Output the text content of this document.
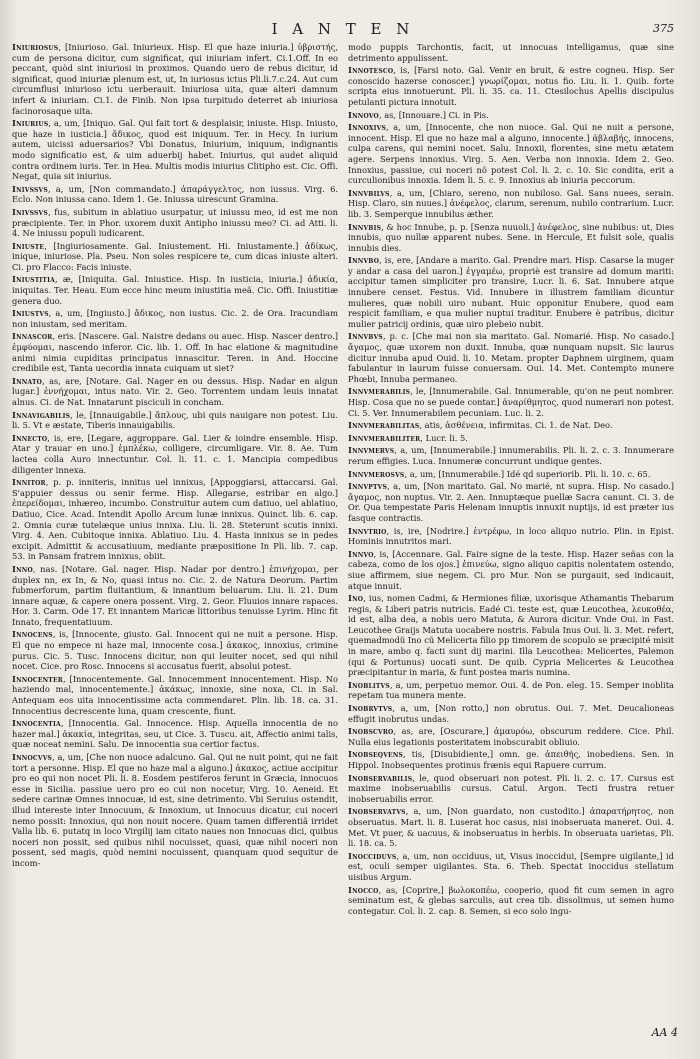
I A N T E N	375

Iniuriosus, [Iniurioso. Gal. Iniurieux. Hisp. El que haze iniuria.] ὑβριστής, cum de persona dicitur, cum significat, qui iniuriam infert. Ci.1.Off. In eo peccant, quòd sint iniuriosi in proximos. Quando uero de rebus dicitur, id significat, quod iniuriæ plenum est, ut, In iuriosus ictus Pli.li.7.c.24. Aut cum circumflusi iniurioso ictu uerberauit. Iniuriosa uita, quæ alteri damnum infert & iniuriam. Ci.1. de Finib. Non ipsa turpitudo deterret ab iniuriosa facinorosaque uita.

Iniurius, a, um, [Iniquo. Gal. Qui fait tort & desplaisir, iniuste. Hisp. Iniusto, que haze in iusticia.] ἄδικος, quod est iniquum. Ter. in Hecy. In iurium autem, uicissi aduersarios? Vbi Donatus, Iniurium, iniquum, indignantis modo significatio est, & uim aduerbij habet. Iniurius, qui audet aliquid contra ordinem iuris. Ter. in Hea. Multis modis iniurius Clitipho est. Cic. Offi. Negat, quia sit iniurius.

Inivssvs, a, um, [Non commandato.] ἀπαράγγελτος, non iussus. Virg. 6. Eclo. Non iniussa cano. Idem 1. Ge. Iniussa uirescunt Gramina.

Inivssvs, fus, subitum in ablatiuo usurpatur, ut iniussu meo, id est me non præcipiente. Ter. in Phor. uxorem duxit Antipho iniussu meo? Ci. ad Atti. li. 4. Ne iniussu populi iudicarent.

Iniuste, [Ingiuriosamente. Gal. Iniustement. Hi. Iniustamente.] ἀδίκως, inique, iniuriose. Pla. Pseu. Non soles respicere te, cum dicas iniuste alteri. Ci. pro Flacco: Facis iniuste.

Iniustitia, æ, [Iniquita. Gal. Iniustice. Hisp. In iusticia, iniuria.] ἀδικία, iniquitas. Ter. Heau. Eum ecce hinc meum iniustitia meã. Cic. Offi. Iniustitiæ genera duo.

Iniustvs, a, um, [Ingiusto.] ἄδικος, non iustus. Cic. 2. de Ora. Iracundiam non iniustam, sed meritam.

Innascor, eris. [Nascere. Gal. Naistre dedans ou auec. Hisp. Nascer dentro.] ἐμφύομαι, nascendo inferor. Cic. lib. 1. Off. In hac elatione & magnitudine animi nimia cupiditas principatus innascitur. Teren. in And. Hoccine credibile est, Tanta uecordia innata cuiquam ut siet?

Innato, as, are, [Notare. Gal. Nager en ou dessus. Hisp. Nadar en algun lugar.] ἐννήχομαι, intus nato. Vir. 2. Geo. Torrentem undam leuis innatat alnus. Ci. de Nat. Innatarunt pisciculi in concham.

Innavigabilis, le, [Innauigabile.] ἄπλους, ubi quis nauigare non potest. Liu. li. 5. Vt e æstate, Tiberis innauigabilis.

Innecto, is, ere, [Legare, aggroppare. Gal. Lier & ioindre ensemble. Hisp. Atar y trauar en uno.] ἐμπλέκω, colligere, circumligare. Vir. 8. Ae. Tum lactea colla Auro innectuntur. Col. li. 11. c. 1. Mancipia compedibus diligenter innexa.

Innitor, p. p. inniteris, innitus uel innixus, [Appoggiarsi, attaccarsi. Gal. S'appuier dessus ou senir ferme. Hisp. Allegarse, estribar en algo.] ἐπερείδομαι, inhæreo, incumbo. Construitur autem cum datiuo, uel ablatiuo, Datiuo, Cice. Acad. Intendit Apollo Arcum lunæ innixus. Quinct. lib. 6. cap. 2. Omnia curæ tutelæque unius innixa. Liu. li. 28. Steterunt scutis innixi. Virg. 4. Aen. Cubitoque innixa. Ablatiuo. Liu. 4. Hasta innixus se in pedes excipit. Admittit & accusatiuum, mediante præpositione In Pli. lib. 7. cap. 53. in Pansam fratrem innixus, obiit.

Inno, nas. [Notare. Gal. nager. Hisp. Nadar por dentro.] ἐπινήχομαι, per duplex nn, ex In, & No, quasi intus no. Cic. 2. de Natura Deorum. Partim fubmerforum, partim fluitantium, & innantium beluarum. Liu. li. 21. Dum innare aquæ, & capere onera possent. Virg. 2. Geor. Fluuios innare rapaces. Hor. 3. Carm. Ode 17. Et innantem Maricæ littoribus tenuisse Lyrim. Hinc fit Innato, frequentatiuum.

Innocens, is, [Innocente, giusto. Gal. Innocent qui ne nuit a persone. Hisp. El que no empece ni haze mal, innocente cosa.] ἀκακος, innoxius, crimine purus. Cic. 5. Tusc. Innocens dicitur, non qui leuiter nocet, sed qui nihil nocet. Cice. pro Rosc. Innocens si accusatus fuerit, absolui potest.

Innocenter, [Innocentemente. Gal. Innocemment innocentement. Hisp. No haziendo mal, innocentemente.] ἀκάκως, innoxie, sine noxa, Ci. in Sal. Antequam eos uita innocentissime acta commendaret. Plin. lib. 18. ca. 31. Innocentius decrescente luna, quam crescente, fiunt.

Innocentia, [Innocentia. Gal. Innocence. Hisp. Aquella innocentia de no hazer mal.] ἀκακία, integritas, seu, ut Cice. 3. Tuscu. ait, Affectio animi talis, quæ noceat nemini. Salu. De innocentia sua certior factus.

Innocvvs, a, um, [Che non nuoce adalcuno. Gal. Qui ne nuit point, qui ne fait tort a personne. Hisp. El que no haze mal a alguno.] ἀκακος, actiue accipitur pro eo qui non nocet Pli. li. 8. Eosdem pestiferos ferunt in Græcia, innocuos esse in Sicilia. passiue uero pro eo cui non nocetur, Virg. 10. Aeneid. Et sedere carinæ Omnes innocuæ, id est, sine detrimento. Vbi Seruius ostendit, illud intereste inter Innocuum, & Innoxium, ut Innocuus dicatur, cui noceri nemo possit: Innoxius, qui non nouit nocere. Quam tamen differentiã irridet Valla lib. 6. putatq in loco Virgilij iam citato naues non Innocuas dici, quibus noceri non possit, sed quibus nihil nocuisset, quasi, quæ nihil noceri non possent, sed magis, quòd nemini nocuissent, quanquam quod sequitur de incom-

modo puppis Tarchontis, facit, ut innocuas intelligamus, quæ sine detrimento appulissent.

Innotesco, is, [Farsi noto. Gal. Venir en bruit, & estre cogneu. Hisp. Ser conoscido hazerse conoscer.] γνωρίζομαι, notus fio. Liu. li. 1. Quib. forte scripta eius innotuerunt. Pli. li. 35. ca. 11. Ctesilochus Apellis discipulus petulanti pictura innotuit.

Innovo, as, [Innouare.] Ci. in Pis.

Innoxivs, a, um, [Innocente, che non nuoce. Gal. Qui ne nuit a persone, innocent. Hisp. El que no haze mal a alguno, innocente.] ἀβλαβής, innocens, culpa carens, qui nemini nocet. Salu. Innoxii, florentes, sine metu ætatem agere. Serpens innoxius. Virg. 5. Aen. Verba non innoxia. Idem 2. Geo. Innoxius, passiue, cui noceri nõ potest Col. li. 2. c. 10. Sic condita, erit a curculionibus innoxia. Idem li. 5. c. 9. Innoxius ab iniuria peccorum.

Innvbilvs, a, um, [Chiaro, sereno, non nubiloso. Gal. Sans nuees, serain. Hisp. Claro, sin nuues.] ἀνέφελος, clarum, serenum, nubilo contrarium. Lucr. lib. 3. Semperque innubilus æther.

Innvbis, & hoc Innube, p. p. [Senza nuuoli.] ἀνέφελος, sine nubibus: ut, Dies innubis, quo nullæ apparent nubes. Sene. in Hercule, Et fulsit sole, qualis innubis dies.

Innvbo, is, ere, [Andare a marito. Gal. Prendre mari. Hisp. Casarse la muger y andar a casa del uaron.] ἐγγαμέω, propriè est transire ad domum mariti: accipitur tamen simpliciter pro transire, Lucr. li. 6. Sat. Innubere atque innubere censet. Festus. Vid. Innubere in illustrem familiam dicuntur mulieres, quæ nobili uiro nubant. Huic opponitur Enubere, quod eam respicit familiam, e qua mulier nuptui traditur. Enubere è patribus, dicitur mulier patricij ordinis, quæ uiro plebeio nubit.

Innvbvs, p. c. [Che mai non sia maritato. Gal. Nomarié. Hisp. No casado.] ἄγαμος, quæ uxorem non duxit. Innuba, quæ nunquam nupsit. Sic laurus dicitur innuba apud Ouid. li. 10. Metam. propter Daphnem uirginem, quam fabulantur in laurum fuisse conuersam. Oui. 14. Met. Contempto munere Phœbi, Innuba permaneo.

Innvmerabilis, le, [Innumerabile. Gal. Innumerable, qu'on ne peut nombrer. Hisp. Cosa que no se puede contar.] ἀναρίθμητος, quod numerari non potest. Ci. 5. Ver. Innumerabilem pecuniam. Luc. li. 2.

Innvmerabilitas, atis, ἀσθένεια, infirmitas. Ci. 1. de Nat. Deo.

Innvmerabiliter, Lucr. li. 5.

Innvmervs, a, um, [Innumerabile.] innumerabilis. Pli. li. 2. c. 3. Innumerare rerum effigies. Luca. Innumeræ concurrunt undique gentes.

Innvmerosvs, a, um, [Innumerabile.] Idé qd superiorib. Pli. li. 10. c. 65.

Innvptvs, a, um, [Non maritato. Gal. No marié, nt supra. Hisp. No casado.] ἄγαμος, non nuptus. Vir. 2. Aen. Innuptæque puellæ Sacra canunt. Ci. 3. de Or. Qua tempestate Paris Helenam innuptis innuxit nuptijs, id est præter ius fasque contractis.

Innvtrio, is, ire, [Nodrire.] ἐντρέφω, in loco aliquo nutrio. Plin. in Epist. Hominis innutritos mari.

Innvo, is, [Accennare. Gal. Faire signe de la teste. Hisp. Hazer señas con la cabeza, como de los ojos.] ἐπινεύω, signo aliquo capitis nolentatem ostendo, siue affirmem, siue negem. Ci. pro Mur. Non se purgauit, sed indicauit, atque innuit.

Ino, ius, nomen Cadmi, & Hermiones filiæ, uxorisque Athamantis Thebarum regis, & Liberi patris nutricis. Eadé Ci. teste est, quæ Leucothea, λευκοθέα, id est, alba dea, a nobis uero Matuta, & Aurora dicitur. Vnde Oui. in Fast. Leucothee Graijs Matuta uocabere nostris. Fabula Inus Oui. li. 3. Met. refert, quemadmodũ Ino cũ Melicerta filio pp timorem de scopulo se præcipité misit in mare, ambo q. facti sunt dij marini. Illa Leucothea: Melicertes, Palemon (qui & Portunus) uocati sunt. De quib. Cypria Melicertes & Leucothea præcipitantur in maria, & funt postea maris numina.

Inoblitvs, a, um, perpetuo memor. Oui. 4. de Pon. eleg. 15. Semper inoblita repetam tua munera mente.

Inobrvtvs, a, um, [Non rotto,] non obrutus. Oui. 7. Met. Deucalioneas effugit inobrutus undas.

Inobscvro, as, are, [Oscurare,] ἀμαυρόω, obscurum reddere. Cice. Phil. Nulla eius legationis posteritatem inobscurabit obliuio.

Inobseqvens, tis, [Disubidiente,] omn. ge. ἀπειθής, inobediens. Sen. in Hippol. Inobsequentes protinus frænis equi Rapuere currum.

Inobservabilis, le, quod obseruari non potest. Pli. li. 2. c. 17. Cursus est maxime inobseruabilis cursus. Catul. Argon. Tecti frustra retuer inobseruabilis error.

Inobservatvs, a, um, [Non guardato, non custodito.] ἀπαρατήρητος, non obseruatus. Mart. li. 8. Luserat hoc casus, nisi inobseruata maneret. Oui. 4. Met. Vt puer, & uacuus, & inobseruatus in herbis. In obseruata uarietas, Pli. li. 18. ca. 5.

Inocciduvs, a, um, non occiduus, ut, Visus inoccidui, [Sempre uigilante,] id est, oculi semper uigilantes. Sta. 6. Theb. Spectat inoccidus stellatum uisibus Argum.

Inocco, as, [Coprire,] βωλοκοπέω, cooperio, quod fit cum semen in agro seminatum est, & glebas sarculis, aut crea tib. dissolimus, ut semen humo contegatur. Col. li. 2. cap. 8. Semen, si eco solo ingu-

AA 4
